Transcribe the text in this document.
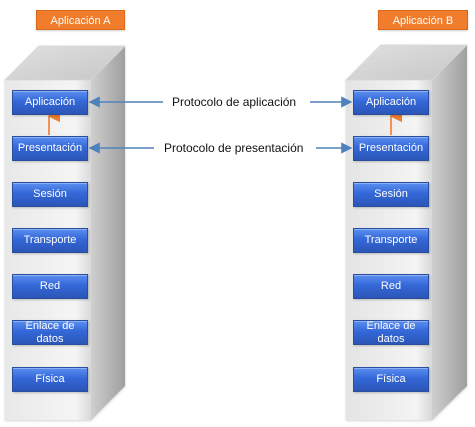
Aplicación A	Aplicación B
Protocolo de aplicación
Protocolo de presentación
Aplicación
Presentación
Sesión
Transporte
Red
Enlace de datos
Física
Aplicación
Presentación
Sesión
Transporte
Red
Enlace de datos
Física
